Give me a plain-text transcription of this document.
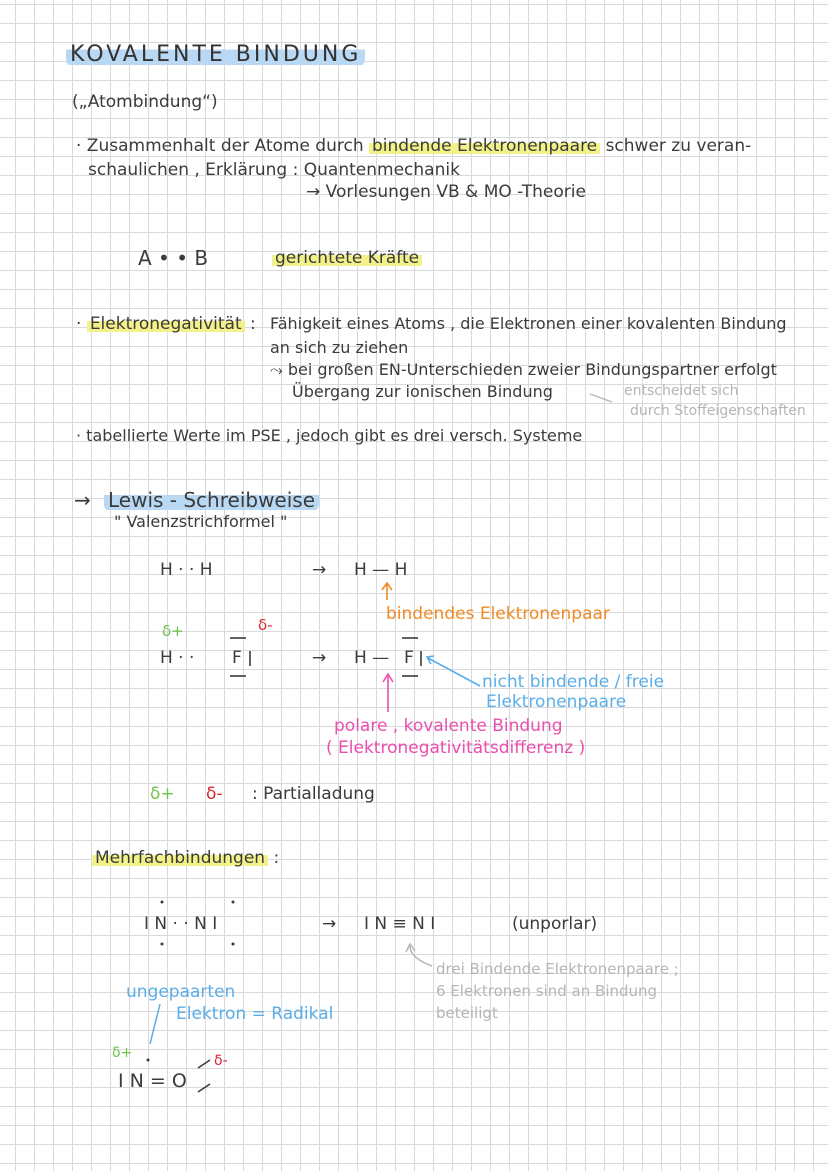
KOVALENTE BINDUNG
(„Atombindung“)
· Zusammenhalt der Atome durch bindende Elektronenpaare schwer zu veran-
schaulichen , Erklärung : Quantenmechanik
→ Vorlesungen VB & MO -Theorie
A • • B	gerichtete Kräfte
· Elektronegativität : Fähigkeit eines Atoms , die Elektronen einer kovalenten Bindung
an sich zu ziehen
⤳ bei großen EN-Unterschieden zweier Bindungspartner erfolgt
Übergang zur ionischen Bindung	entscheidet sich
durch Stoffeigenschaften
· tabellierte Werte im PSE , jedoch gibt es drei versch. Systeme
→ Lewis - Schreibweise
" Valenzstrichformel "
H · · H	→ H — H
bindendes Elektronenpaar
δ+	δ-
H · · F	→ H — F
nicht bindende / freie
Elektronenpaare
polare , kovalente Bindung
( Elektronegativitätsdifferenz )
δ+ δ- : Partialladung
Mehrfachbindungen :
I N · · N I	→ I N ≡ N I	(unporlar)
drei Bindende Elektronenpaare ;
6 Elektronen sind an Bindung
beteiligt
ungepaarten
Elektron = Radikal
δ+	δ-
I N = O
